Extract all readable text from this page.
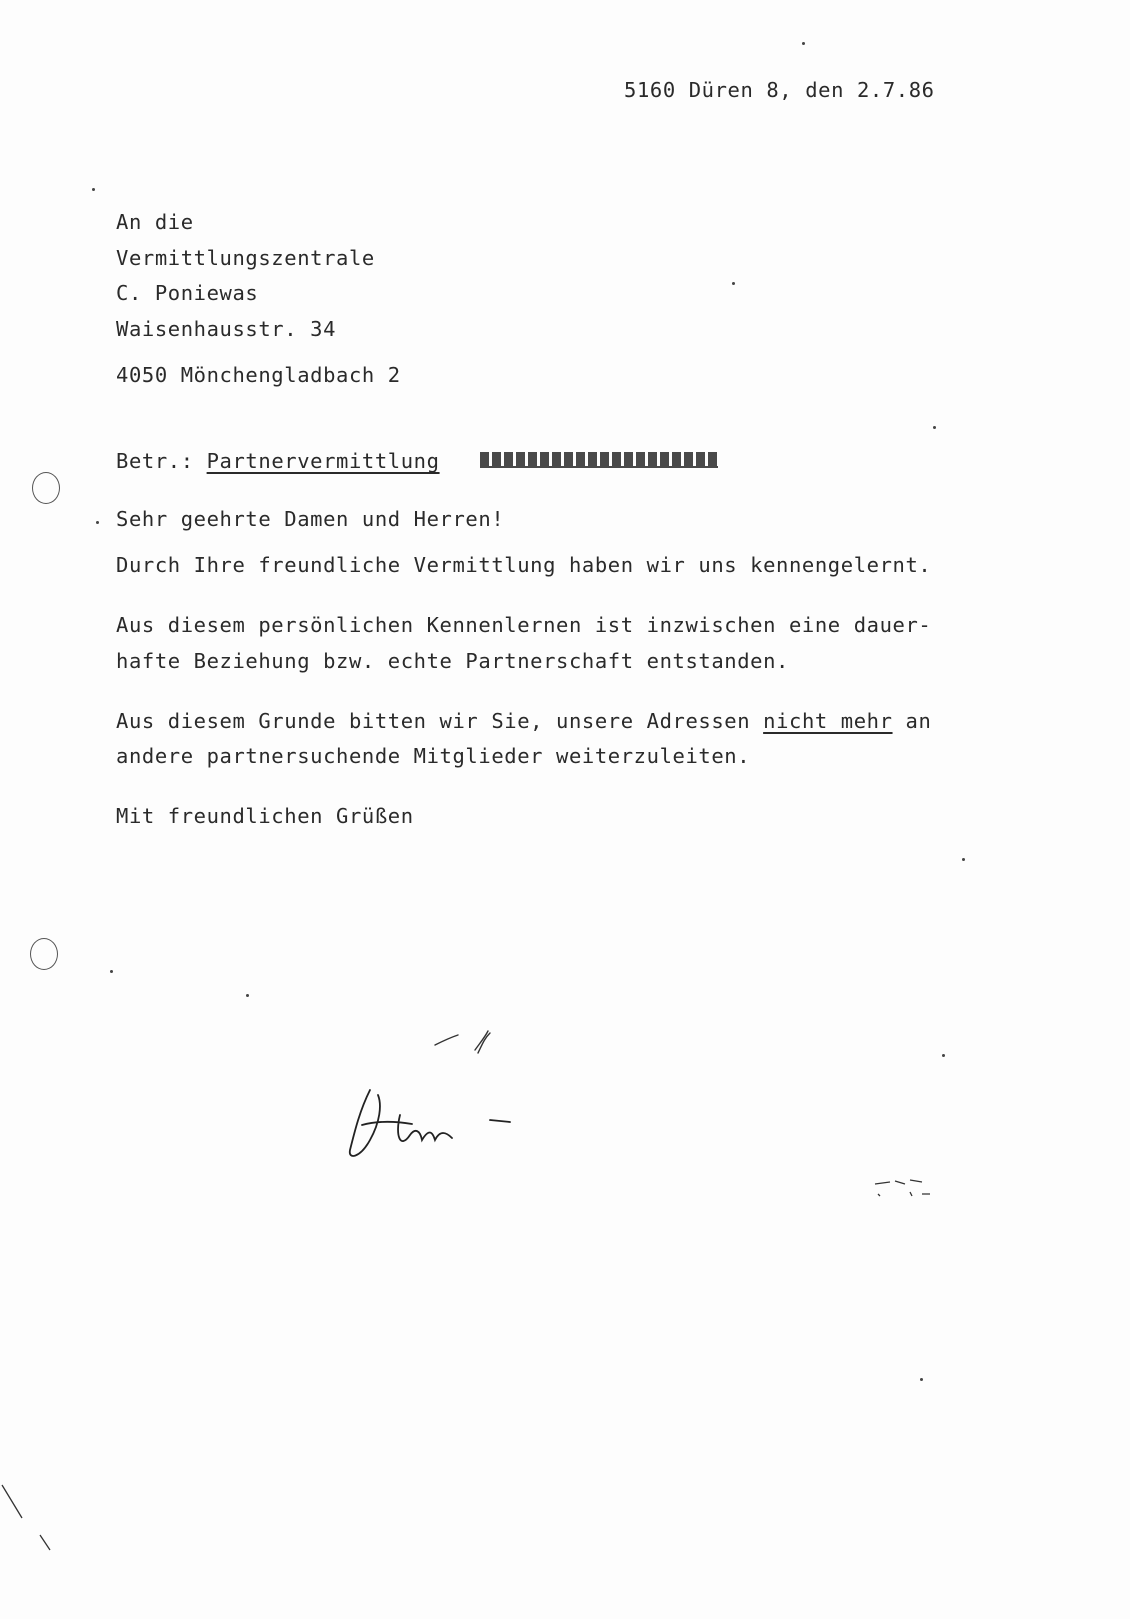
5160 Düren 8, den 2.7.86
An die
Vermittlungszentrale
C. Poniewas
Waisenhausstr. 34
4050 Mönchengladbach 2
Betr.: Partnervermittlung
Sehr geehrte Damen und Herren!
Durch Ihre freundliche Vermittlung haben wir uns kennengelernt.
Aus diesem persönlichen Kennenlernen ist inzwischen eine dauer-
hafte Beziehung bzw. echte Partnerschaft entstanden.
Aus diesem Grunde bitten wir Sie, unsere Adressen nicht mehr an
andere partnersuchende Mitglieder weiterzuleiten.
Mit freundlichen Grüßen
